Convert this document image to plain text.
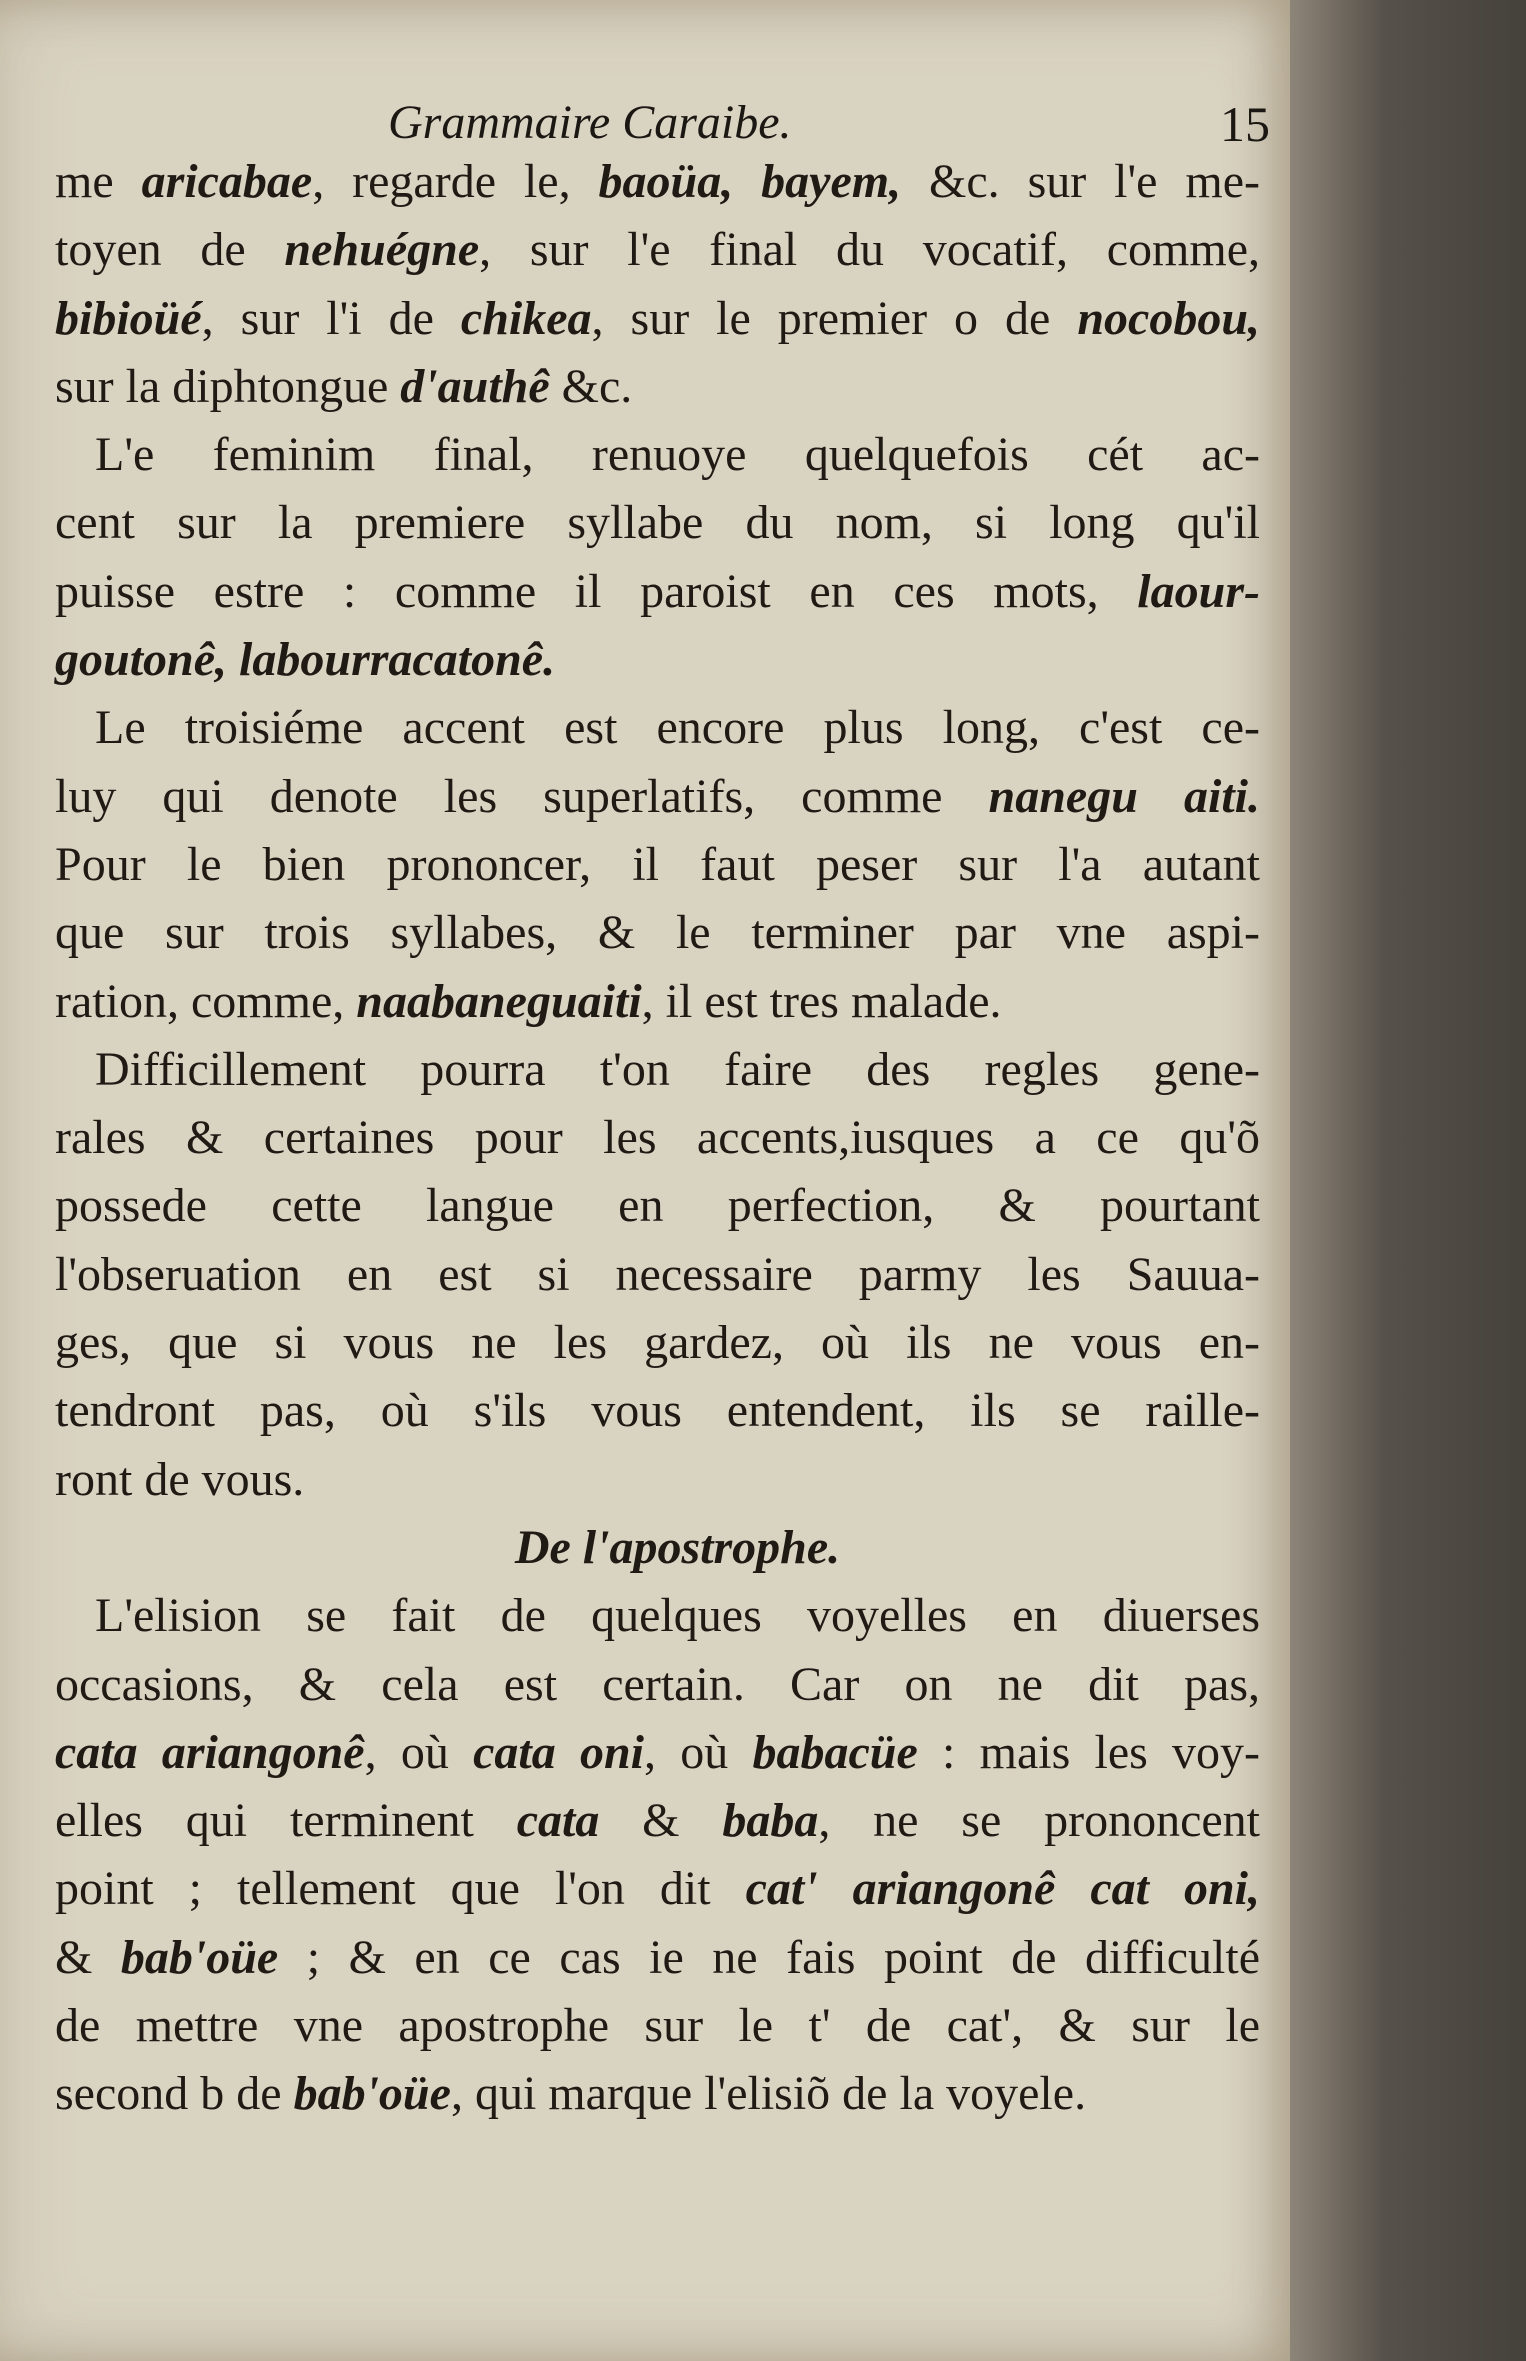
Grammaire Caraibe.	15
me aricabae, regarde le, baoüa, bayem, &c. sur l'e me-
toyen de nehuégne, sur l'e final du vocatif, comme,
bibioüé, sur l'i de chikea, sur le premier o de nocobou,
sur la diphtongue d'authê &c.
L'e feminim final, renuoye quelquefois cét ac-
cent sur la premiere syllabe du nom, si long qu'il
puisse estre : comme il paroist en ces mots, laour-
goutonê, labourracatonê.
Le troisiéme accent est encore plus long, c'est ce-
luy qui denote les superlatifs, comme nanegu aiti.
Pour le bien prononcer, il faut peser sur l'a autant
que sur trois syllabes, & le terminer par vne aspi-
ration, comme, naabaneguaiti, il est tres malade.
Difficillement pourra t'on faire des regles gene-
rales & certaines pour les accents,iusques a ce qu'õ
possede cette langue en perfection, & pourtant
l'obseruation en est si necessaire parmy les Sauua-
ges, que si vous ne les gardez, où ils ne vous en-
tendront pas, où s'ils vous entendent, ils se raille-
ront de vous.
De l'apostrophe.
L'elision se fait de quelques voyelles en diuerses
occasions, & cela est certain. Car on ne dit pas,
cata ariangonê, où cata oni, où babacüe : mais les voy-
elles qui terminent cata & baba, ne se prononcent
point ; tellement que l'on dit cat' ariangonê cat oni,
& bab'oüe ; & en ce cas ie ne fais point de difficulté
de mettre vne apostrophe sur le t' de cat', & sur le
second b de bab'oüe, qui marque l'elisiõ de la voyele.
